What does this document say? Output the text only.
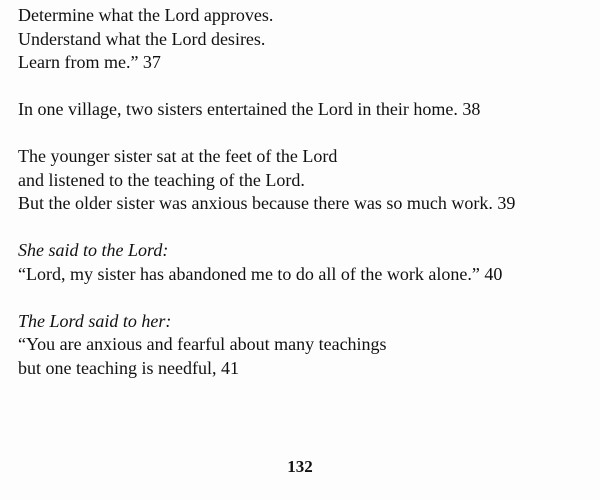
Determine what the Lord approves.
Understand what the Lord desires.
Learn from me.” 37
In one village, two sisters entertained the Lord in their home. 38
The younger sister sat at the feet of the Lord
and listened to the teaching of the Lord.
But the older sister was anxious because there was so much work. 39
She said to the Lord:
“Lord, my sister has abandoned me to do all of the work alone.” 40
The Lord said to her:
“You are anxious and fearful about many teachings
but one teaching is needful, 41
132
